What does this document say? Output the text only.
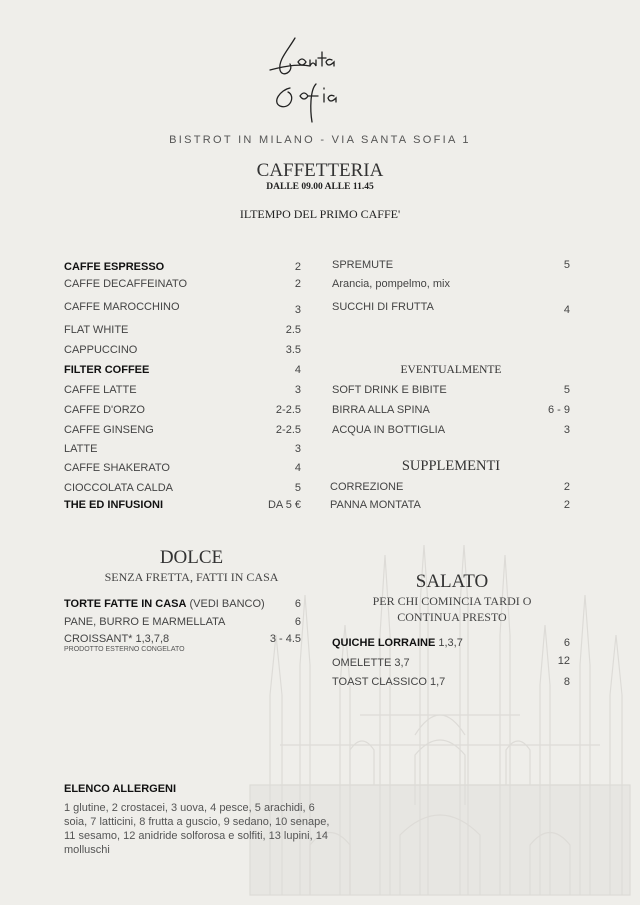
BISTROT IN MILANO - VIA SANTA SOFIA 1
CAFFETTERIA
DALLE 09.00 ALLE 11.45
ILTEMPO DEL PRIMO CAFFE'
CAFFE ESPRESSO	2
CAFFE DECAFFEINATO	2
CAFFE MAROCCHINO	3
FLAT WHITE	2.5
CAPPUCCINO	3.5
FILTER COFFEE	4
CAFFE LATTE	3
CAFFE D'ORZO	2-2.5
CAFFE GINSENG	2-2.5
LATTE	3
CAFFE SHAKERATO	4
CIOCCOLATA CALDA	5
THE ED INFUSIONI	DA 5 €
SPREMUTE	5
Arancia, pompelmo, mix
SUCCHI DI FRUTTA	4
EVENTUALMENTE
SOFT DRINK E BIBITE	5
BIRRA ALLA SPINA	6 - 9
ACQUA IN BOTTIGLIA	3
SUPPLEMENTI
CORREZIONE	2
PANNA MONTATA	2
DOLCE
SENZA FRETTA, FATTI IN CASA
TORTE FATTE IN CASA (VEDI BANCO)	6
PANE, BURRO E MARMELLATA	6
CROISSANT* 1,3,7,8	3 - 4.5
PRODOTTO ESTERNO CONGELATO
SALATO
PER CHI COMINCIA TARDI O
CONTINUA PRESTO
QUICHE LORRAINE 1,3,7	6
OMELETTE 3,7	12
TOAST CLASSICO 1,7	8
ELENCO ALLERGENI
1 glutine, 2 crostacei, 3 uova, 4 pesce, 5 arachidi, 6 soia, 7 latticini, 8 frutta a guscio, 9 sedano, 10 senape, 11 sesamo, 12 anidride solforosa e solfiti, 13 lupini, 14 molluschi
